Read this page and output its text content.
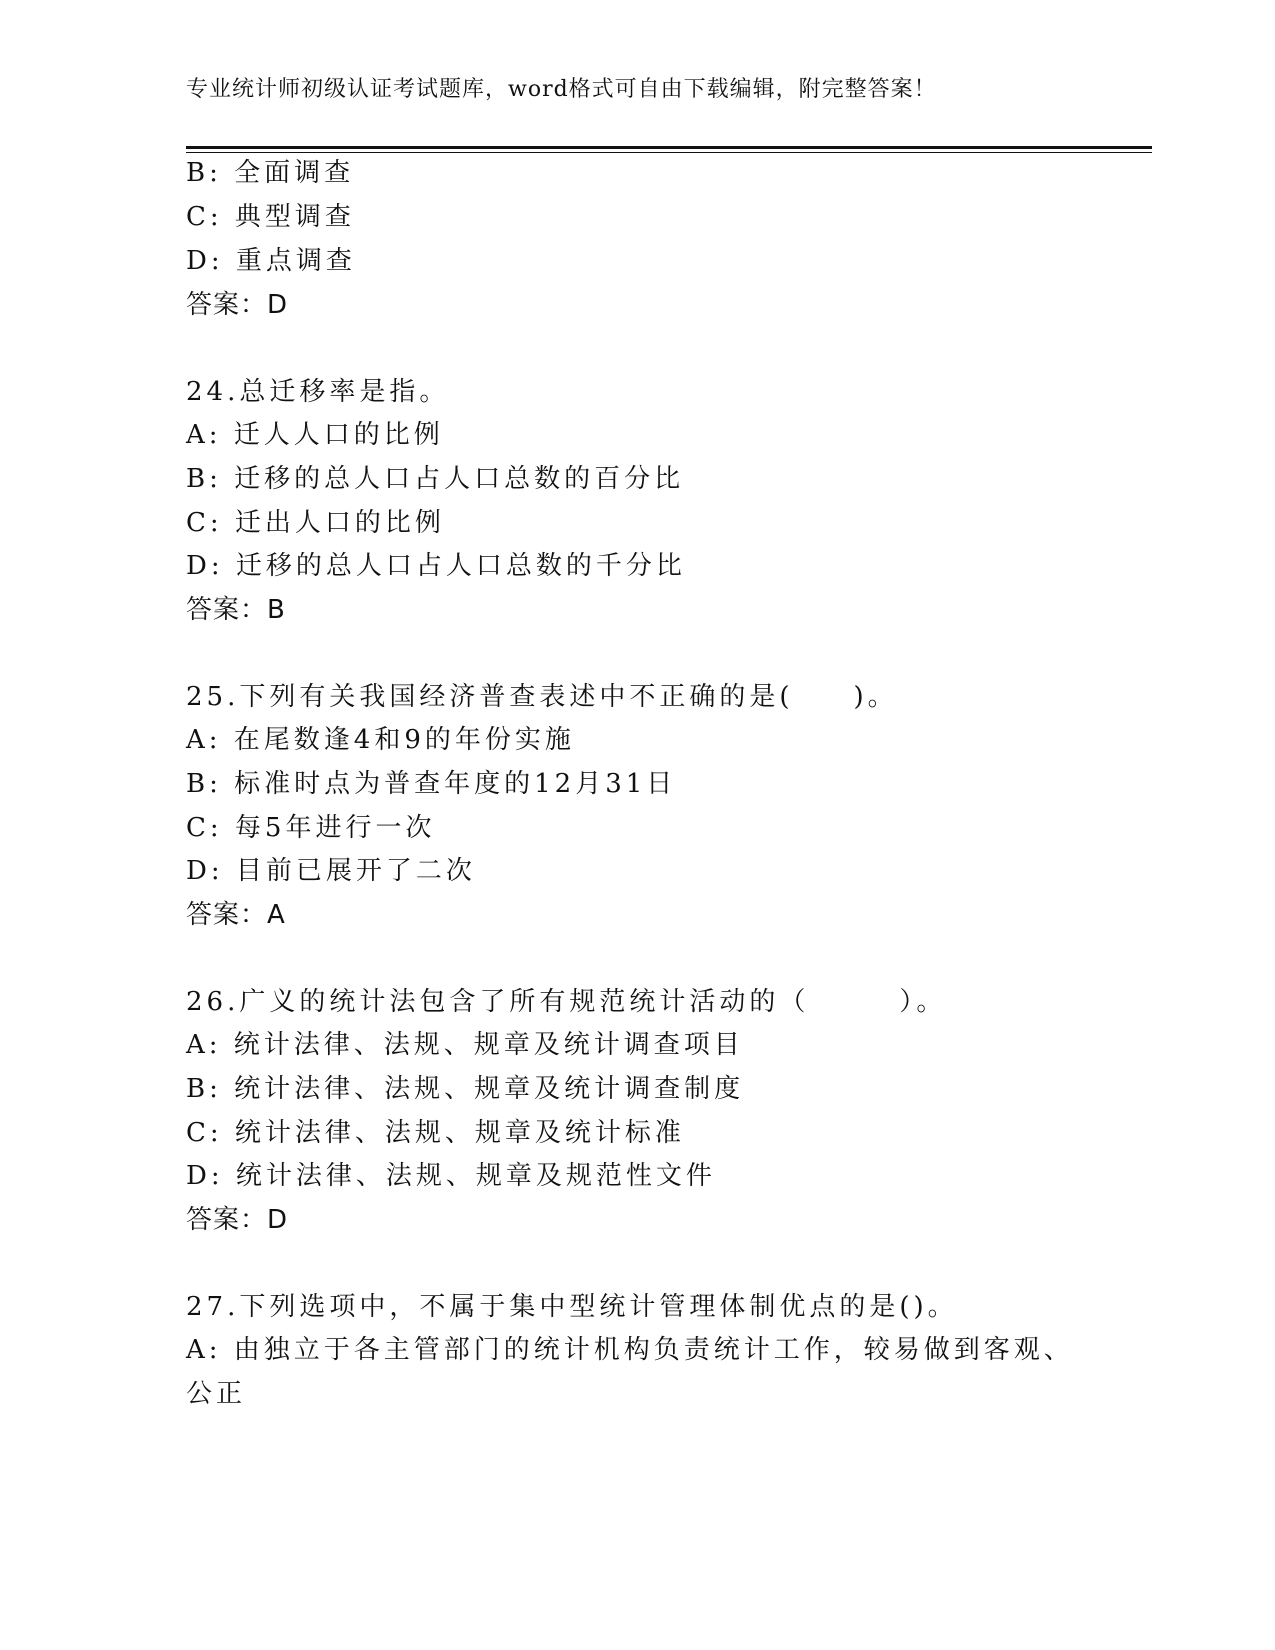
专业统计师初级认证考试题库，word格式可自由下载编辑，附完整答案！
B: 全面调查
C: 典型调查
D: 重点调查
答案：D
24.总迁移率是指。
A: 迁人人口的比例
B: 迁移的总人口占人口总数的百分比
C: 迁出人口的比例
D: 迁移的总人口占人口总数的千分比
答案：B
25.下列有关我国经济普查表述中不正确的是(　　)。
A: 在尾数逢4和9的年份实施
B: 标准时点为普查年度的12月31日
C: 每5年进行一次
D: 目前已展开了二次
答案：A
26.广义的统计法包含了所有规范统计活动的（　　　）。
A: 统计法律、法规、规章及统计调查项目
B: 统计法律、法规、规章及统计调查制度
C: 统计法律、法规、规章及统计标准
D: 统计法律、法规、规章及规范性文件
答案：D
27.下列选项中，不属于集中型统计管理体制优点的是()。
A: 由独立于各主管部门的统计机构负责统计工作，较易做到客观、公正
